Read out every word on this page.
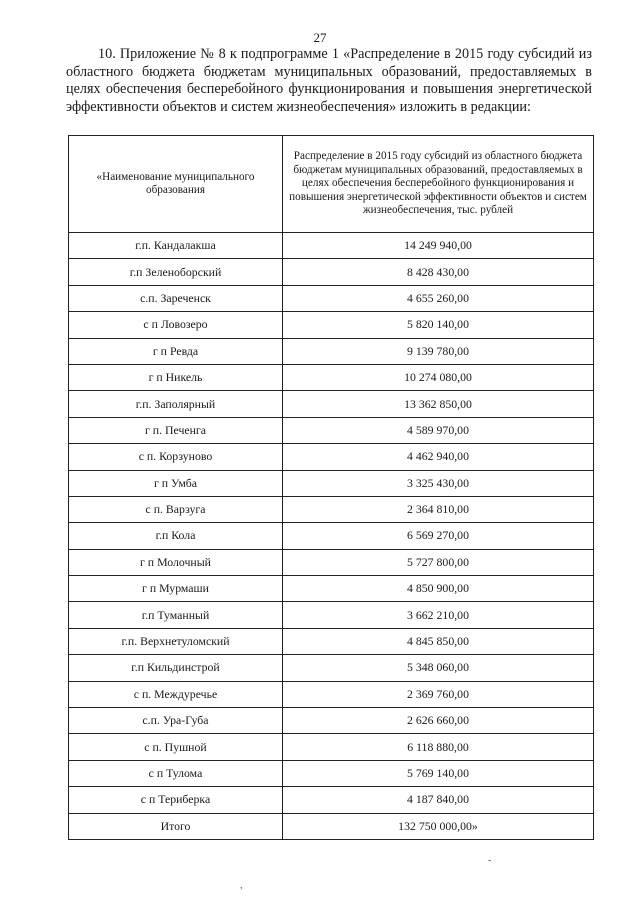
27

10. Приложение № 8 к подпрограмме 1 «Распределение в 2015 году субсидий из областного бюджета бюджетам муниципальных образований, предоставляемых в целях обеспечения бесперебойного функционирования и повышения энергетической эффективности объектов и систем жизнеобеспечения» изложить в редакции:

«Наименование муниципального образования	Распределение в 2015 году субсидий из областного бюджета бюджетам муниципальных образований, предоставляемых в целях обеспечения бесперебойного функционирования и повышения энергетической эффективности объектов и систем жизнеобеспечения, тыс. рублей
г.п. Кандалакша	14 249 940,00
г.п Зеленоборский	8 428 430,00
с.п. Зареченск	4 655 260,00
с п Ловозеро	5 820 140,00
г п Ревда	9 139 780,00
г п Никель	10 274 080,00
г.п. Заполярный	13 362 850,00
г п. Печенга	4 589 970,00
с п. Корзуново	4 462 940,00
г п Умба	3 325 430,00
с п. Варзуга	2 364 810,00
г.п Кола	6 569 270,00
г п Молочный	5 727 800,00
г п Мурмаши	4 850 900,00
г.п Туманный	3 662 210,00
г.п. Верхнетуломский	4 845 850,00
г.п Кильдинстрой	5 348 060,00
с п. Междуречье	2 369 760,00
с.п. Ура-Губа	2 626 660,00
с п. Пушной	6 118 880,00
с п Тулома	5 769 140,00
с п Териберка	4 187 840,00
Итого	132 750 000,00»
-
,
